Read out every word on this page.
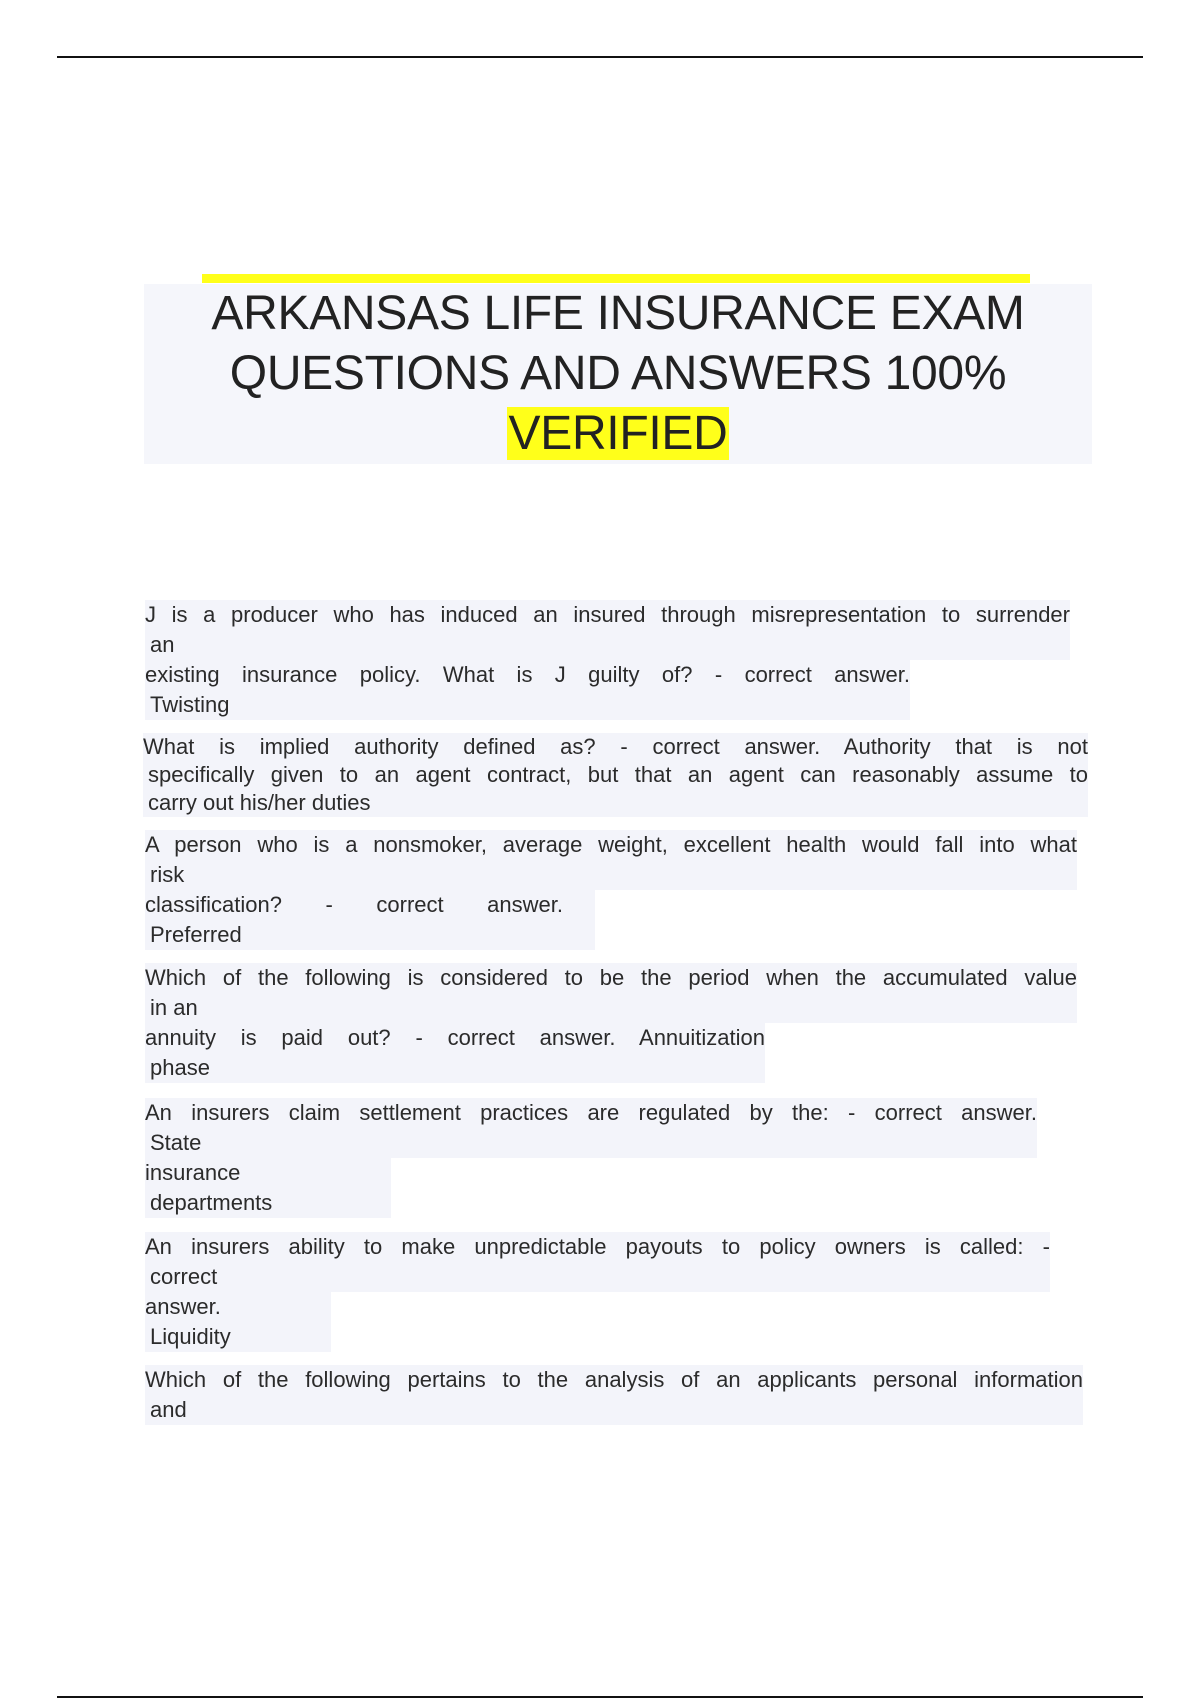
ARKANSAS LIFE INSURANCE EXAM
QUESTIONS AND ANSWERS 100%
VERIFIED
J is a producer who has induced an insured through misrepresentation to surrender
an

existing insurance policy. What is J guilty of? - correct answer.
Twisting
What is implied authority defined as? - correct answer. Authority that is not
specifically given to an agent contract, but that an agent can reasonably assume to
carry out his/her duties
A person who is a nonsmoker, average weight, excellent health would fall into what
risk

classification? - correct answer.
Preferred
Which of the following is considered to be the period when the accumulated value
in an

annuity is paid out? - correct answer. Annuitization
phase
An insurers claim settlement practices are regulated by the: - correct answer.
State

insurance
departments
An insurers ability to make unpredictable payouts to policy owners is called: -
correct

answer.
Liquidity
Which of the following pertains to the analysis of an applicants personal information
and
